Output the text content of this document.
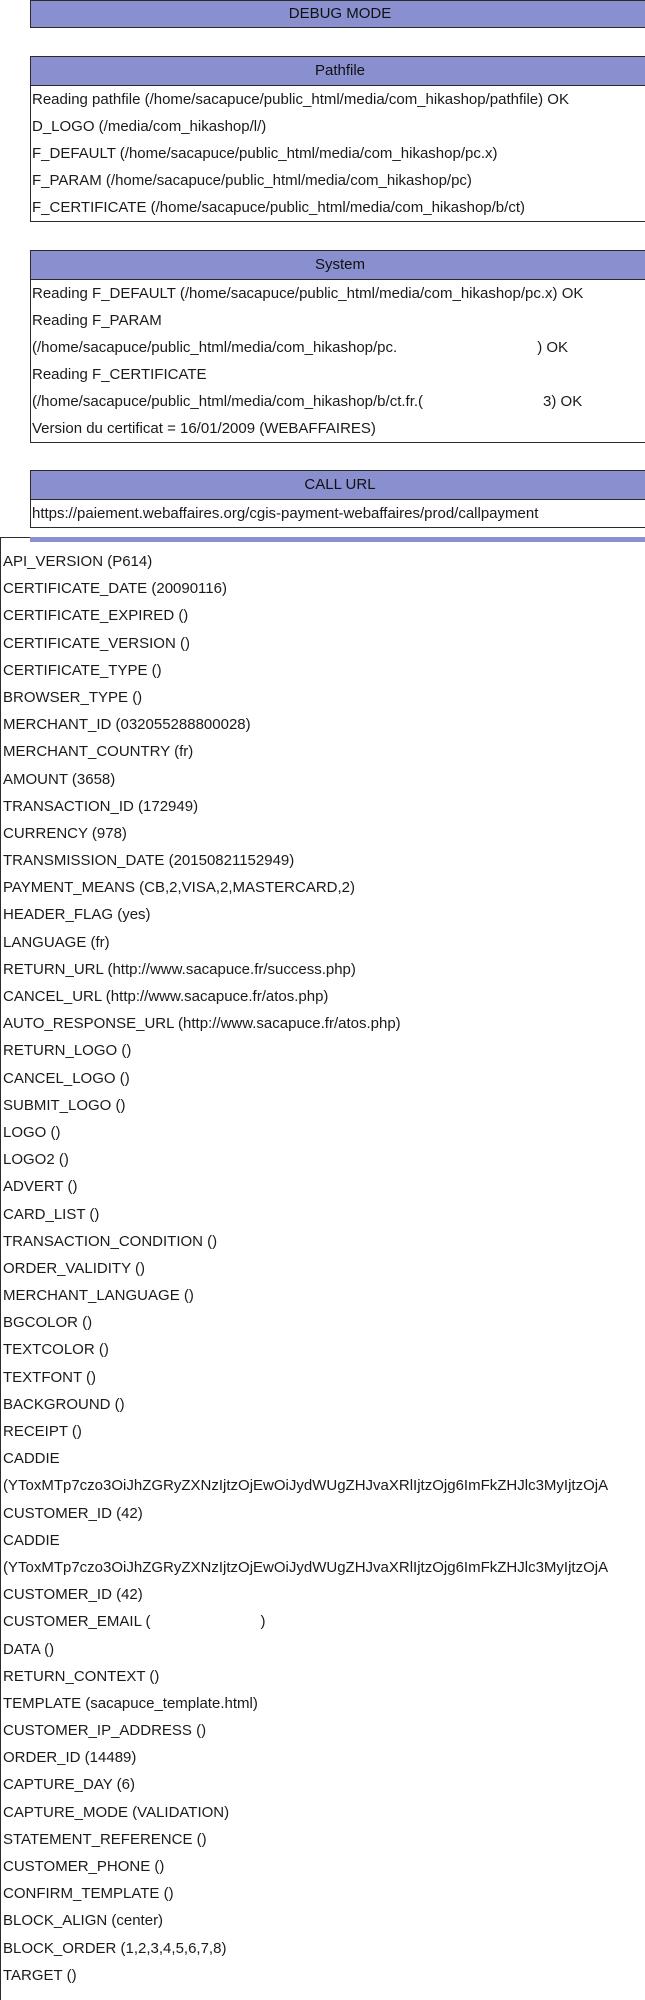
DEBUG MODE
Pathfile
Reading pathfile (/home/sacapuce/public_html/media/com_hikashop/pathfile) OK
D_LOGO (/media/com_hikashop/l/)
F_DEFAULT (/home/sacapuce/public_html/media/com_hikashop/pc.x)
F_PARAM (/home/sacapuce/public_html/media/com_hikashop/pc)
F_CERTIFICATE (/home/sacapuce/public_html/media/com_hikashop/b/ct)
System
Reading F_DEFAULT (/home/sacapuce/public_html/media/com_hikashop/pc.x) OK
Reading F_PARAM
(/home/sacapuce/public_html/media/com_hikashop/pc.	) OK
Reading F_CERTIFICATE
(/home/sacapuce/public_html/media/com_hikashop/b/ct.fr.(	3) OK
Version du certificat = 16/01/2009 (WEBAFFAIRES)
CALL URL
https://paiement.webaffaires.org/cgis-payment-webaffaires/prod/callpayment
API_VERSION (P614)
CERTIFICATE_DATE (20090116)
CERTIFICATE_EXPIRED ()
CERTIFICATE_VERSION ()
CERTIFICATE_TYPE ()
BROWSER_TYPE ()
MERCHANT_ID (032055288800028)
MERCHANT_COUNTRY (fr)
AMOUNT (3658)
TRANSACTION_ID (172949)
CURRENCY (978)
TRANSMISSION_DATE (20150821152949)
PAYMENT_MEANS (CB,2,VISA,2,MASTERCARD,2)
HEADER_FLAG (yes)
LANGUAGE (fr)
RETURN_URL (http://www.sacapuce.fr/success.php)
CANCEL_URL (http://www.sacapuce.fr/atos.php)
AUTO_RESPONSE_URL (http://www.sacapuce.fr/atos.php)
RETURN_LOGO ()
CANCEL_LOGO ()
SUBMIT_LOGO ()
LOGO ()
LOGO2 ()
ADVERT ()
CARD_LIST ()
TRANSACTION_CONDITION ()
ORDER_VALIDITY ()
MERCHANT_LANGUAGE ()
BGCOLOR ()
TEXTCOLOR ()
TEXTFONT ()
BACKGROUND ()
RECEIPT ()
CADDIE
(YToxMTp7czo3OiJhZGRyZXNzIjtzOjEwOiJydWUgZHJvaXRlIjtzOjg6ImFkZHJlc3MyIjtzOjA
CUSTOMER_ID (42)
CADDIE
(YToxMTp7czo3OiJhZGRyZXNzIjtzOjEwOiJydWUgZHJvaXRlIjtzOjg6ImFkZHJlc3MyIjtzOjA
CUSTOMER_ID (42)
CUSTOMER_EMAIL (	)
DATA ()
RETURN_CONTEXT ()
TEMPLATE (sacapuce_template.html)
CUSTOMER_IP_ADDRESS ()
ORDER_ID (14489)
CAPTURE_DAY (6)
CAPTURE_MODE (VALIDATION)
STATEMENT_REFERENCE ()
CUSTOMER_PHONE ()
CONFIRM_TEMPLATE ()
BLOCK_ALIGN (center)
BLOCK_ORDER (1,2,3,4,5,6,7,8)
TARGET ()
